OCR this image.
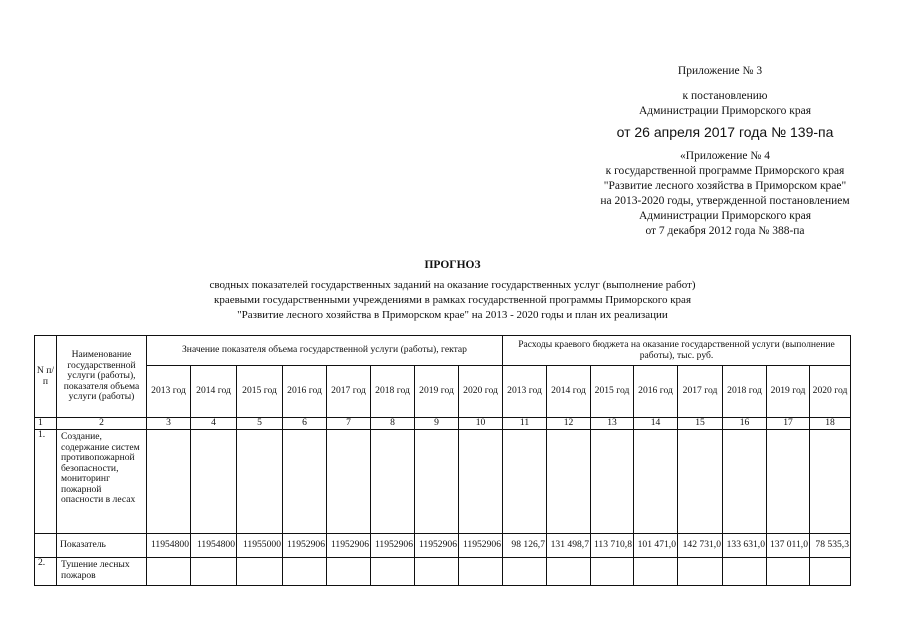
Приложение № 3
к постановлению
Администрации Приморского края
от 26 апреля 2017 года № 139-па
«Приложение № 4
к государственной программе Приморского края
"Развитие лесного хозяйства в Приморском крае"
на 2013-2020 годы, утвержденной постановлением
Администрации Приморского края
от 7 декабря 2012 года № 388-па
ПРОГНОЗ
сводных показателей государственных заданий на оказание государственных услуг (выполнение работ)
краевыми государственными учреждениями в рамках государственной программы Приморского края
"Развитие лесного хозяйства в Приморском крае" на 2013 - 2020 годы и план их реализации
N п/п	Наименование государственной услуги (работы), показателя объема услуги (работы)	Значение показателя объема государственной услуги (работы), гектар								Расходы краевого бюджета на оказание государственной услуги (выполнение работы), тыс. руб.							
		2013 год	2014 год	2015 год	2016 год	2017 год	2018 год	2019 год	2020 год	2013 год	2014 год	2015 год	2016 год	2017 год	2018 год	2019 год	2020 год
1	2	3	4	5	6	7	8	9	10	11	12	13	14	15	16	17	18
1.	Создание, содержание систем противопожарной безопасности, мониторинг пожарной опасности в лесах																
	Показатель	11954800	11954800	11955000	11952906	11952906	11952906	11952906	11952906	98 126,7	131 498,7	113 710,8	101 471,0	142 731,0	133 631,0	137 011,0	78 535,3
2.	Тушение лесных пожаров																
